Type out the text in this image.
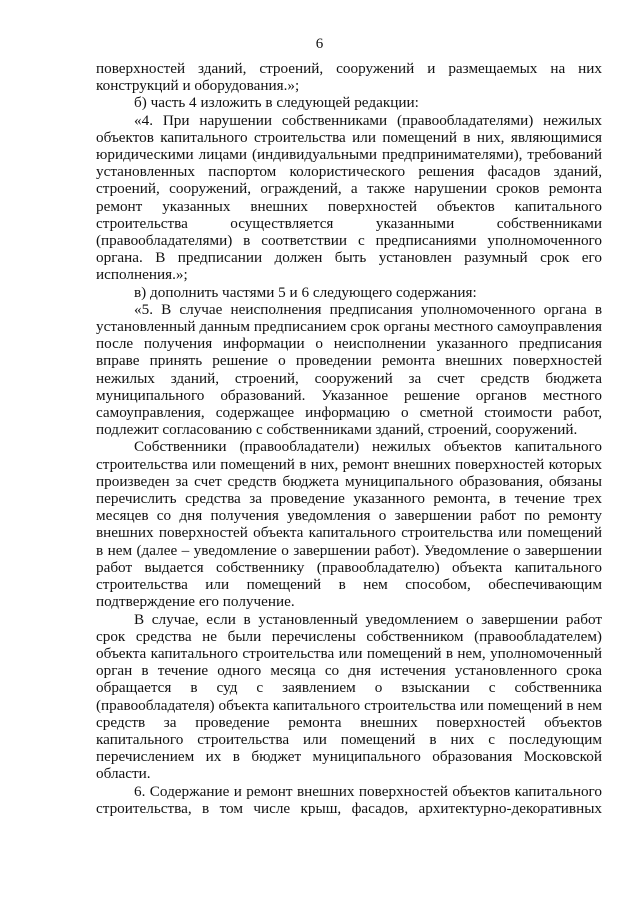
6

поверхностей зданий, строений, сооружений и размещаемых на них конструкций и оборудования.»;

б) часть 4 изложить в следующей редакции:

«4. При нарушении собственниками (правообладателями) нежилых объектов капитального строительства или помещений в них, являющимися юридическими лицами (индивидуальными предпринимателями), требований установленных паспортом колористического решения фасадов зданий, строений, сооружений, ограждений, а также нарушении сроков ремонта ремонт указанных внешних поверхностей объектов капитального строительства осуществляется указанными собственниками (правообладателями) в соответствии с предписаниями уполномоченного органа. В предписании должен быть установлен разумный срок его исполнения.»;

в) дополнить частями 5 и 6 следующего содержания:

«5. В случае неисполнения предписания уполномоченного органа в установленный данным предписанием срок органы местного самоуправления после получения информации о неисполнении указанного предписания вправе принять решение о проведении ремонта внешних поверхностей нежилых зданий, строений, сооружений за счет средств бюджета муниципального образований. Указанное решение органов местного самоуправления, содержащее информацию о сметной стоимости работ, подлежит согласованию с собственниками зданий, строений, сооружений.

Собственники (правообладатели) нежилых объектов капитального строительства или помещений в них, ремонт внешних поверхностей которых произведен за счет средств бюджета муниципального образования, обязаны перечислить средства за проведение указанного ремонта, в течение трех месяцев со дня получения уведомления о завершении работ по ремонту внешних поверхностей объекта капитального строительства или помещений в нем (далее – уведомление о завершении работ). Уведомление о завершении работ выдается собственнику (правообладателю) объекта капитального строительства или помещений в нем способом, обеспечивающим подтверждение его получение.

В случае, если в установленный уведомлением о завершении работ срок средства не были перечислены собственником (правообладателем) объекта капитального строительства или помещений в нем, уполномоченный орган в течение одного месяца со дня истечения установленного срока обращается в суд с заявлением о взыскании с собственника (правообладателя) объекта капитального строительства или помещений в нем средств за проведение ремонта внешних поверхностей объектов капитального строительства или помещений в них с последующим перечислением их в бюджет муниципального образования Московской области.

6. Содержание и ремонт внешних поверхностей объектов капитального строительства, в том числе крыш, фасадов, архитектурно-декоративных
